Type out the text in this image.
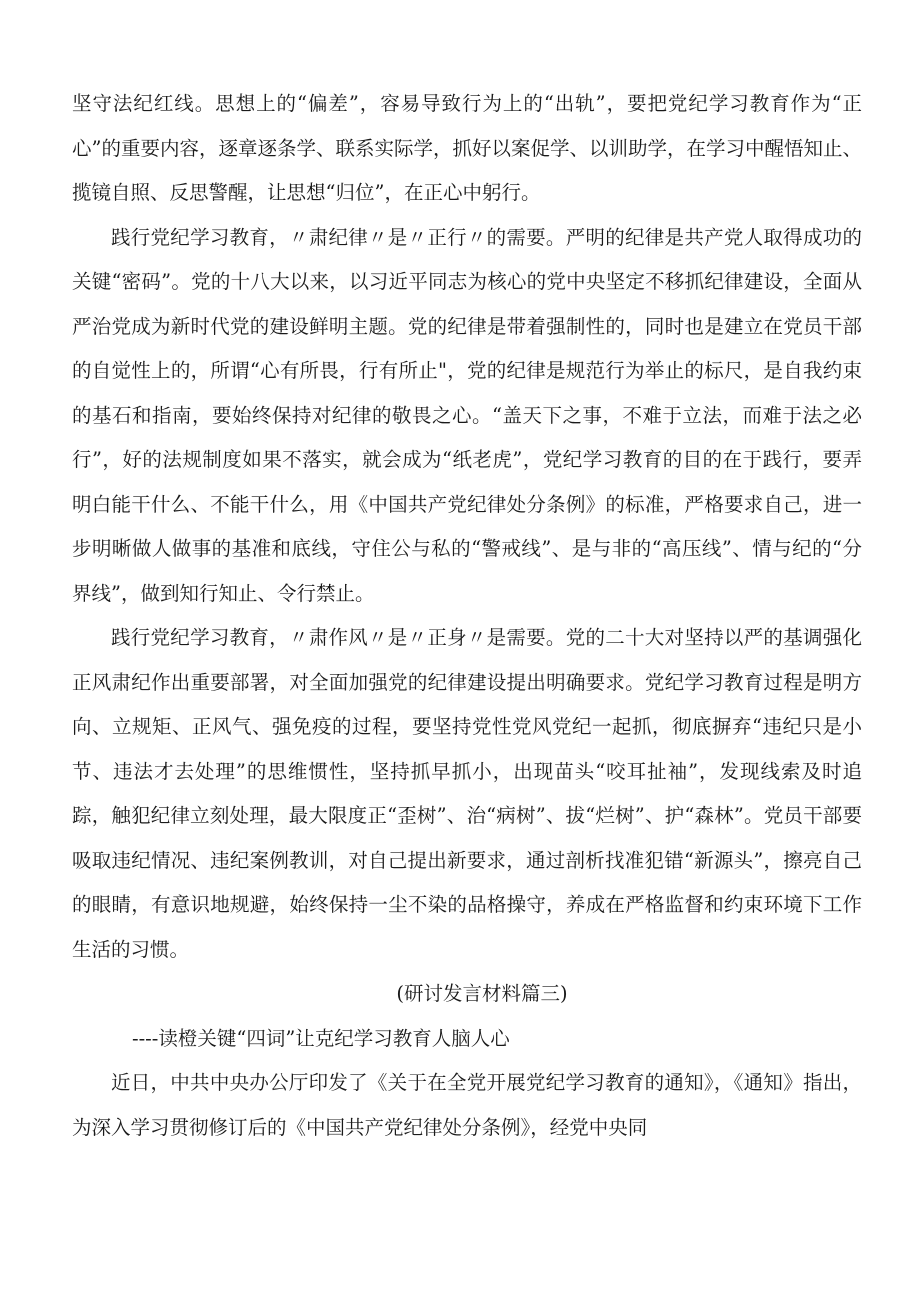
坚守法纪红线。思想上的“偏差”，容易导致行为上的“出轨”，要把党纪学习教育作为“正心”的重要内容，逐章逐条学、联系实际学，抓好以案促学、以训助学，在学习中醒悟知止、揽镜自照、反思警醒，让思想“归位”，在正心中躬行。

践行党纪学习教育，〃肃纪律〃是〃正行〃的需要。严明的纪律是共产党人取得成功的关键“密码”。党的十八大以来，以习近平同志为核心的党中央坚定不移抓纪律建设，全面从严治党成为新时代党的建设鲜明主题。党的纪律是带着强制性的，同时也是建立在党员干部的自觉性上的，所谓“心有所畏，行有所止"，党的纪律是规范行为举止的标尺，是自我约束的基石和指南，要始终保持对纪律的敬畏之心。“盖天下之事，不难于立法，而难于法之必行”，好的法规制度如果不落实，就会成为“纸老虎”，党纪学习教育的目的在于践行，要弄明白能干什么、不能干什么，用《中国共产党纪律处分条例》的标准，严格要求自己，进一步明晰做人做事的基准和底线，守住公与私的“警戒线”、是与非的“高压线”、情与纪的“分界线”，做到知行知止、令行禁止。

践行党纪学习教育，〃肃作风〃是〃正身〃是需要。党的二十大对坚持以严的基调强化正风肃纪作出重要部署，对全面加强党的纪律建设提出明确要求。党纪学习教育过程是明方向、立规矩、正风气、强免疫的过程，要坚持党性党风党纪一起抓，彻底摒弃“违纪只是小节、违法才去处理”的思维惯性，坚持抓早抓小，出现苗头“咬耳扯袖”，发现线索及时追踪，触犯纪律立刻处理，最大限度正“歪树”、治“病树”、拔“烂树”、护“森林”。党员干部要吸取违纪情况、违纪案例教训，对自己提出新要求，通过剖析找准犯错“新源头”，擦亮自己的眼睛，有意识地规避，始终保持一尘不染的品格操守，养成在严格监督和约束环境下工作生活的习惯。

(研讨发言材料篇三)

----读橙关键“四词”让克纪学习教育人脑人心

近日，中共中央办公厅印发了《关于在全党开展党纪学习教育的通知》，《通知》指出，为深入学习贯彻修订后的《中国共产党纪律处分条例》，经党中央同
